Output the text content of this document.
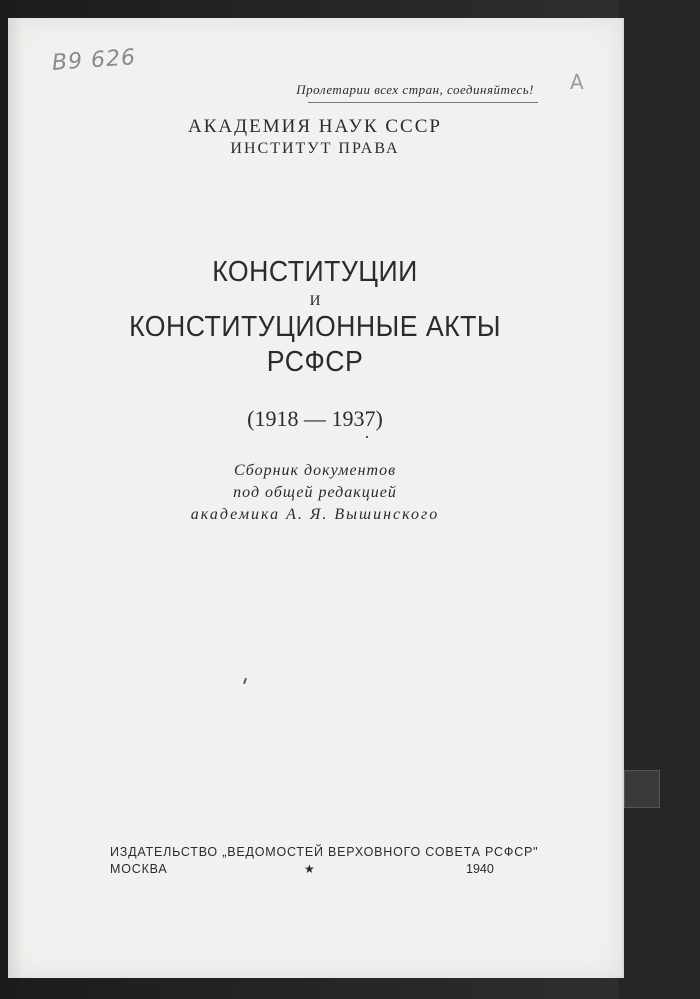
В9 626
А
Пролетарии всех стран, соединяйтесь!
АКАДЕМИЯ НАУК СССР
ИНСТИТУТ ПРАВА
КОНСТИТУЦИИ
И
КОНСТИТУЦИОННЫЕ АКТЫ
РСФСР
(1918 — 1937)
Сборник документов
под общей редакцией
академика А. Я. Вышинского
ИЗДАТЕЛЬСТВО „ВЕДОМОСТЕЙ ВЕРХОВНОГО СОВЕТА РСФСР"
МОСКВА	★	1940
